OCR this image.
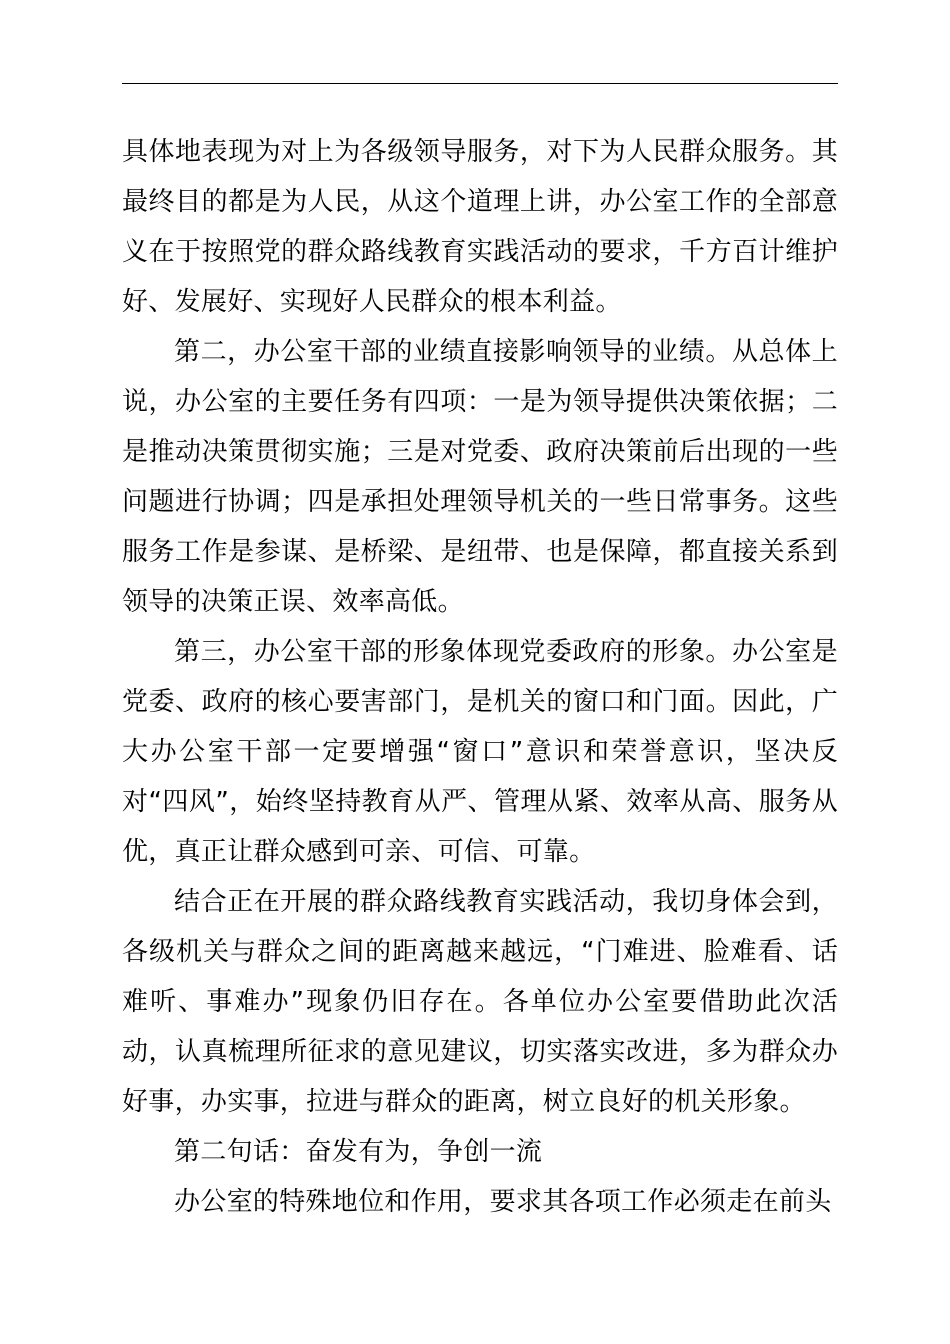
具体地表现为对上为各级领导服务，对下为人民群众服务。其最终目的都是为人民，从这个道理上讲，办公室工作的全部意义在于按照党的群众路线教育实践活动的要求，千方百计维护好、发展好、实现好人民群众的根本利益。

第二，办公室干部的业绩直接影响领导的业绩。从总体上说，办公室的主要任务有四项：一是为领导提供决策依据；二是推动决策贯彻实施；三是对党委、政府决策前后出现的一些问题进行协调；四是承担处理领导机关的一些日常事务。这些服务工作是参谋、是桥梁、是纽带、也是保障，都直接关系到领导的决策正误、效率高低。

第三，办公室干部的形象体现党委政府的形象。办公室是党委、政府的核心要害部门，是机关的窗口和门面。因此，广大办公室干部一定要增强“窗口”意识和荣誉意识，坚决反对“四风”，始终坚持教育从严、管理从紧、效率从高、服务从优，真正让群众感到可亲、可信、可靠。

结合正在开展的群众路线教育实践活动，我切身体会到，各级机关与群众之间的距离越来越远，“门难进、脸难看、话难听、事难办”现象仍旧存在。各单位办公室要借助此次活动，认真梳理所征求的意见建议，切实落实改进，多为群众办好事，办实事，拉进与群众的距离，树立良好的机关形象。

第二句话：奋发有为，争创一流

办公室的特殊地位和作用，要求其各项工作必须走在前头
